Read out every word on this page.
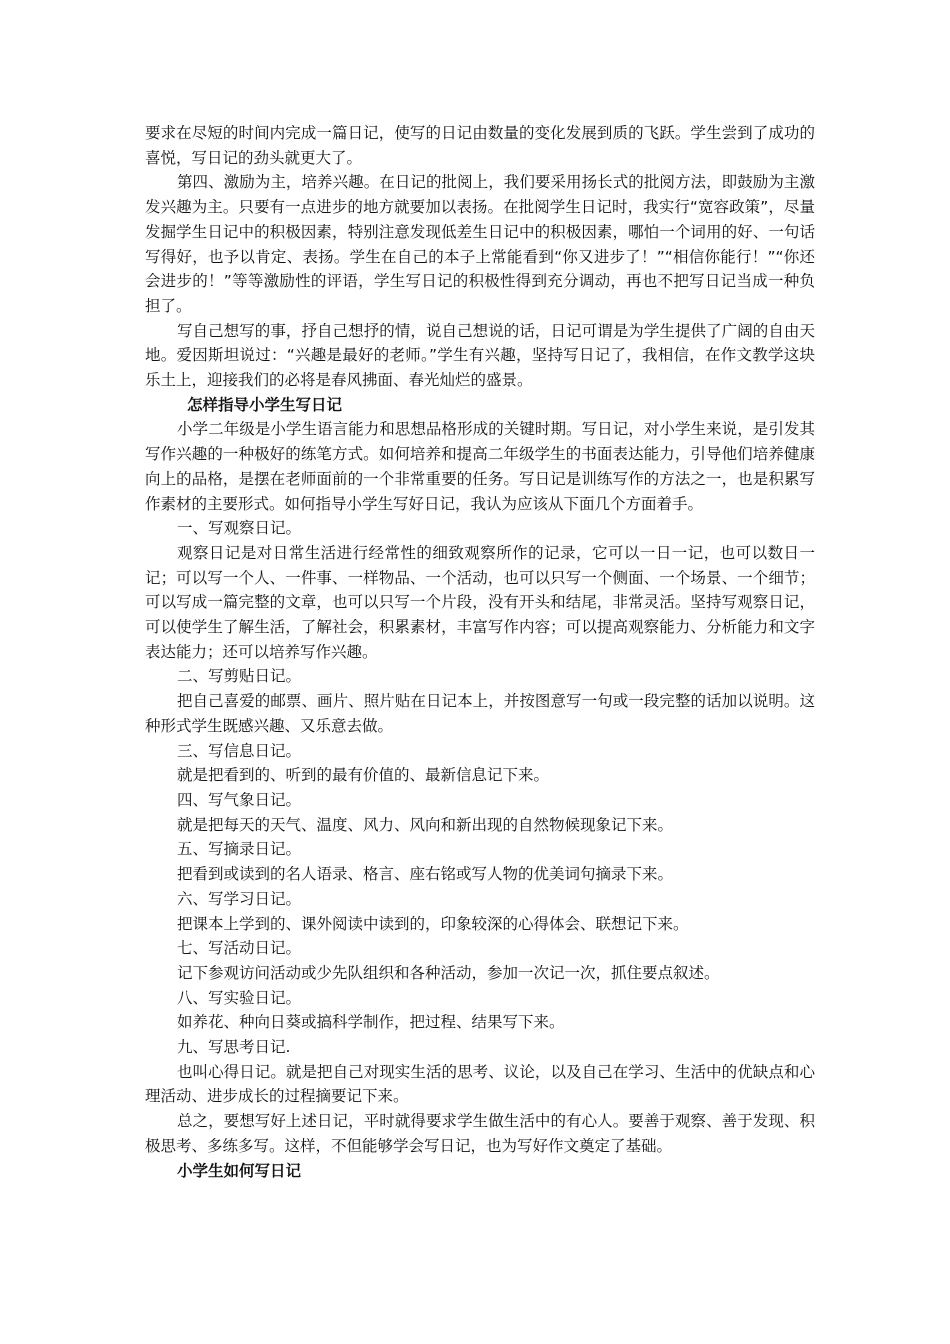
要求在尽短的时间内完成一篇日记，使写的日记由数量的变化发展到质的飞跃。学生尝到了成功的喜悦，写日记的劲头就更大了。

第四、激励为主，培养兴趣。在日记的批阅上，我们要采用扬长式的批阅方法，即鼓励为主激发兴趣为主。只要有一点进步的地方就要加以表扬。在批阅学生日记时，我实行“宽容政策”，尽量发掘学生日记中的积极因素，特别注意发现低差生日记中的积极因素，哪怕一个词用的好、一句话写得好，也予以肯定、表扬。学生在自己的本子上常能看到“你又进步了！”“相信你能行！”“你还会进步的！”等等激励性的评语，学生写日记的积极性得到充分调动，再也不把写日记当成一种负担了。

写自己想写的事，抒自己想抒的情，说自己想说的话，日记可谓是为学生提供了广阔的自由天地。爱因斯坦说过：“兴趣是最好的老师。”学生有兴趣，坚持写日记了，我相信，在作文教学这块乐土上，迎接我们的必将是春风拂面、春光灿烂的盛景。

怎样指导小学生写日记

小学二年级是小学生语言能力和思想品格形成的关键时期。写日记，对小学生来说，是引发其写作兴趣的一种极好的练笔方式。如何培养和提高二年级学生的书面表达能力，引导他们培养健康向上的品格，是摆在老师面前的一个非常重要的任务。写日记是训练写作的方法之一，也是积累写作素材的主要形式。如何指导小学生写好日记，我认为应该从下面几个方面着手。

一、写观察日记。

观察日记是对日常生活进行经常性的细致观察所作的记录，它可以一日一记，也可以数日一记；可以写一个人、一件事、一样物品、一个活动，也可以只写一个侧面、一个场景、一个细节；可以写成一篇完整的文章，也可以只写一个片段，没有开头和结尾，非常灵活。坚持写观察日记，可以使学生了解生活，了解社会，积累素材，丰富写作内容；可以提高观察能力、分析能力和文字表达能力；还可以培养写作兴趣。

二、写剪贴日记。

把自己喜爱的邮票、画片、照片贴在日记本上，并按图意写一句或一段完整的话加以说明。这种形式学生既感兴趣、又乐意去做。

三、写信息日记。

就是把看到的、听到的最有价值的、最新信息记下来。

四、写气象日记。

就是把每天的天气、温度、风力、风向和新出现的自然物候现象记下来。

五、写摘录日记。

把看到或读到的名人语录、格言、座右铭或写人物的优美词句摘录下来。

六、写学习日记。

把课本上学到的、课外阅读中读到的，印象较深的心得体会、联想记下来。

七、写活动日记。

记下参观访问活动或少先队组织和各种活动，参加一次记一次，抓住要点叙述。

八、写实验日记。

如养花、种向日葵或搞科学制作，把过程、结果写下来。

九、写思考日记.

也叫心得日记。就是把自己对现实生活的思考、议论，以及自己在学习、生活中的优缺点和心理活动、进步成长的过程摘要记下来。

总之，要想写好上述日记，平时就得要求学生做生活中的有心人。要善于观察、善于发现、积极思考、多练多写。这样，不但能够学会写日记，也为写好作文奠定了基础。

小学生如何写日记
